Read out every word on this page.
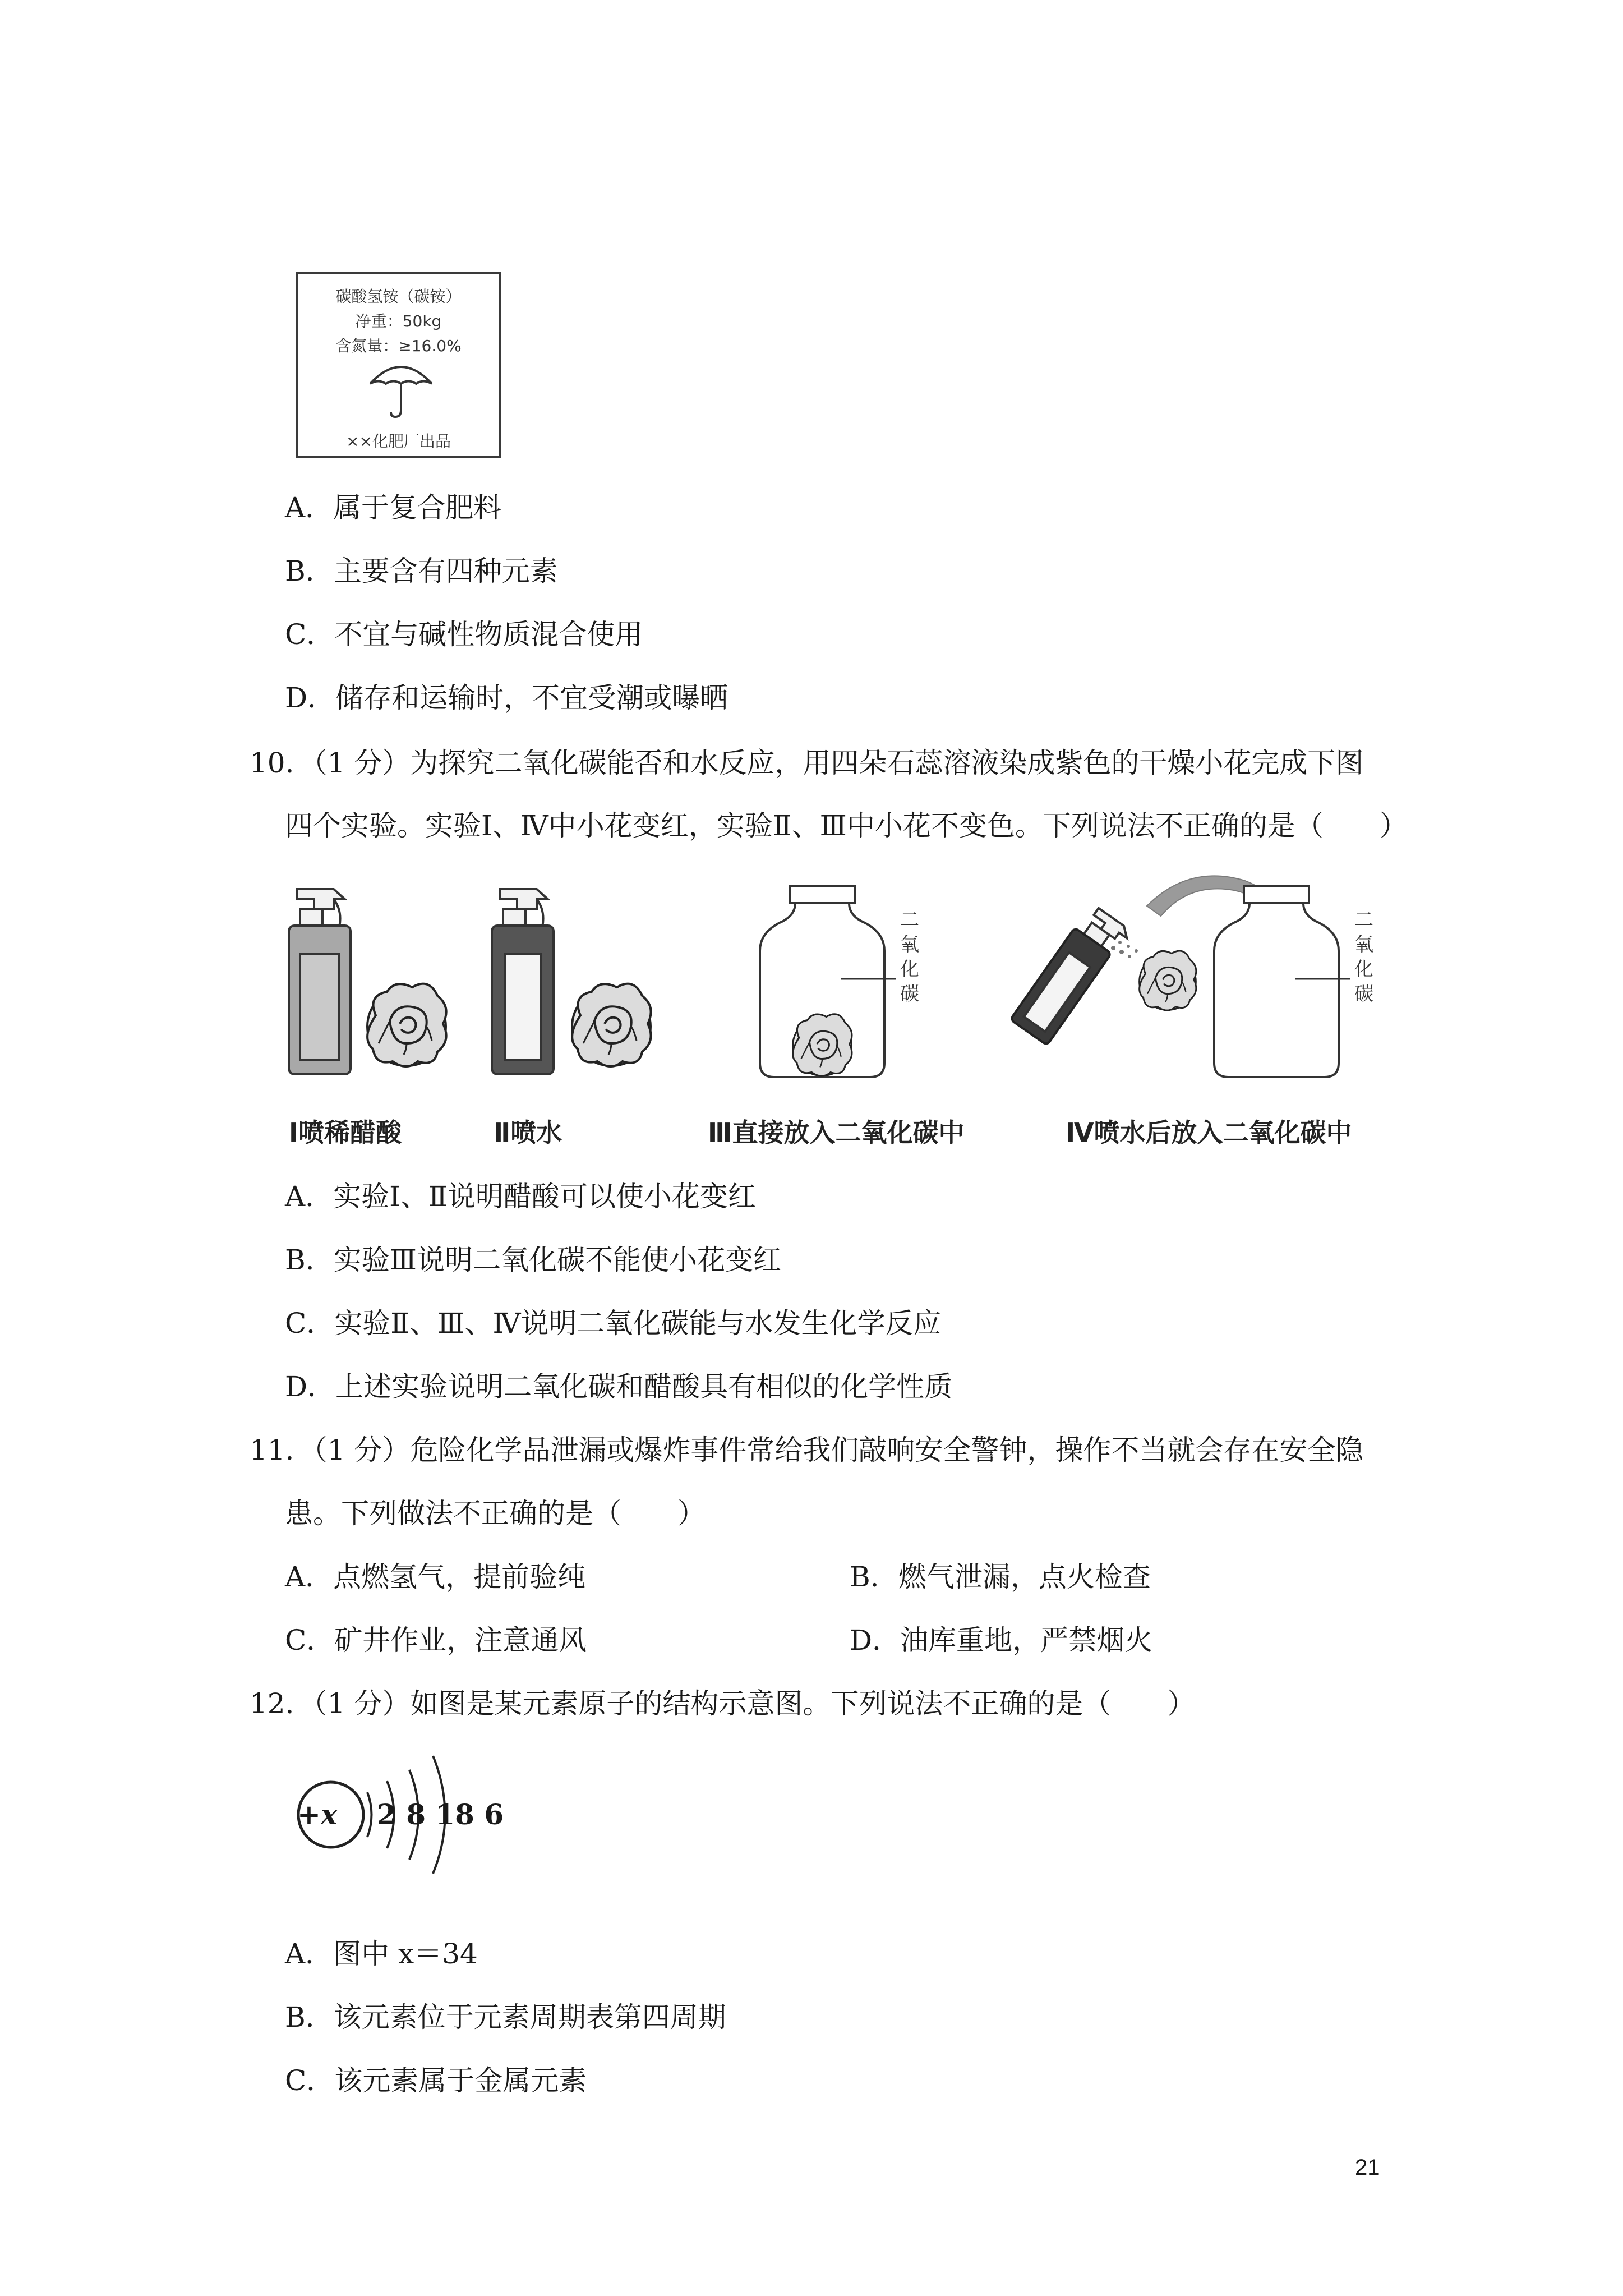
碳酸氢铵（碳铵）
净重：50kg
含氮量：≥16.0%
××化肥厂出品
A．属于复合肥料
B．主要含有四种元素
C．不宜与碱性物质混合使用
D．储存和运输时，不宜受潮或曝晒
10．（1 分）为探究二氧化碳能否和水反应，用四朵石蕊溶液染成紫色的干燥小花完成下图
四个实验。实验Ⅰ、Ⅳ中小花变红，实验Ⅱ、Ⅲ中小花不变色。下列说法不正确的是（　　）
二
氧
化
碳
二
氧
化
碳
Ⅰ喷稀醋酸	Ⅱ喷水	Ⅲ直接放入二氧化碳中	Ⅳ喷水后放入二氧化碳中
A．实验Ⅰ、Ⅱ说明醋酸可以使小花变红
B．实验Ⅲ说明二氧化碳不能使小花变红
C．实验Ⅱ、Ⅲ、Ⅳ说明二氧化碳能与水发生化学反应
D．上述实验说明二氧化碳和醋酸具有相似的化学性质
11．（1 分）危险化学品泄漏或爆炸事件常给我们敲响安全警钟，操作不当就会存在安全隐
患。下列做法不正确的是（　　）
A．点燃氢气，提前验纯	B．燃气泄漏，点火检查
C．矿井作业，注意通风	D．油库重地，严禁烟火
12．（1 分）如图是某元素原子的结构示意图。下列说法不正确的是（　　）
+x 2 8 18 6
A．图中 x＝34
B．该元素位于元素周期表第四周期
C．该元素属于金属元素
21
